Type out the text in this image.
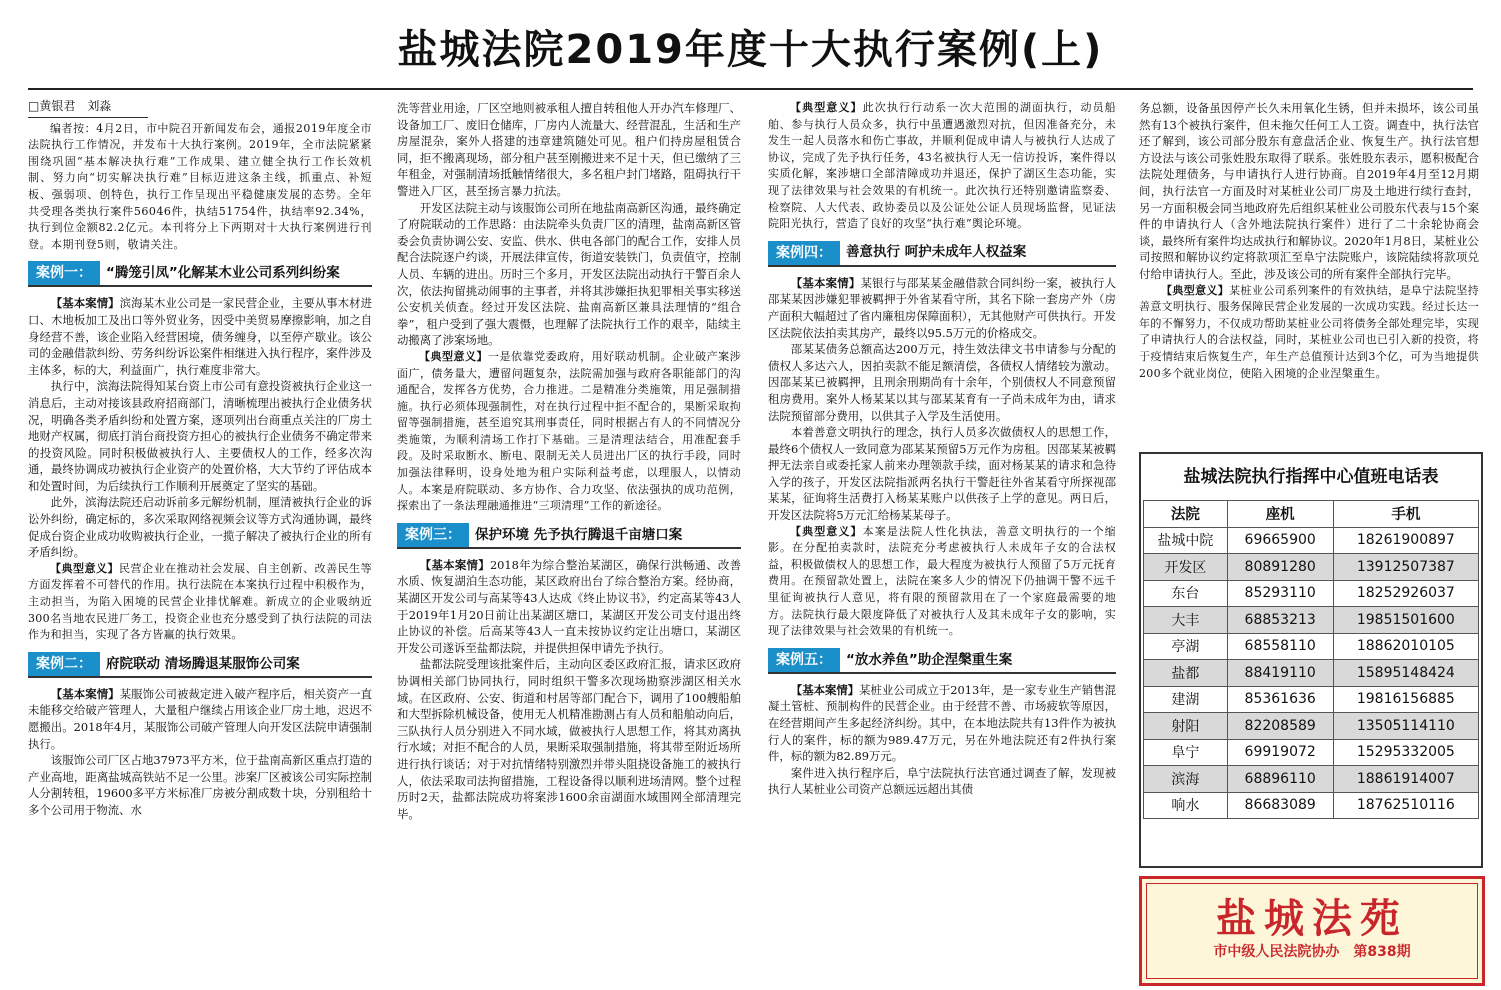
盐城法院2019年度十大执行案例(上)
□黄银君　刘淼

编者按：4月2日，市中院召开新闻发布会，通报2019年度全市法院执行工作情况，并发布十大执行案例。2019年，全市法院紧紧围绕巩固“基本解决执行难”工作成果、建立健全执行工作长效机制、努力向“切实解决执行难”目标迈进这条主线，抓重点、补短板、强弱项、创特色，执行工作呈现出平稳健康发展的态势。全年共受理各类执行案件56046件，执结51754件，执结率92.34%，执行到位金额82.2亿元。本刊将分上下两期对十大执行案例进行刊登。本期刊登5则，敬请关注。

案例一：	“腾笼引凤”化解某木业公司系列纠纷案

【基本案情】滨海某木业公司是一家民营企业，主要从事木材进口、木地板加工及出口等外贸业务，因受中美贸易摩擦影响，加之自身经营不善，该企业陷入经营困境，债务缠身，以至停产歇业。该公司的金融借款纠纷、劳务纠纷诉讼案件相继进入执行程序，案件涉及主体多，标的大，利益面广，执行难度非常大。

执行中，滨海法院得知某台资上市公司有意投资被执行企业这一消息后，主动对接该县政府招商部门，清晰梳理出被执行企业债务状况，明确各类矛盾纠纷和处置方案，逐项列出台商重点关注的厂房土地财产权属，彻底打消台商投资方担心的被执行企业债务不确定带来的投资风险。同时积极做被执行人、主要债权人的工作，经多次沟通，最终协调成功被执行企业资产的处置价格，大大节约了评估成本和处置时间，为后续执行工作顺利开展奠定了坚实的基础。

此外，滨海法院还启动诉前多元解纷机制，厘清被执行企业的诉讼外纠纷，确定标的，多次采取网络视频会议等方式沟通协调，最终促成台资企业成功收购被执行企业，一揽子解决了被执行企业的所有矛盾纠纷。

【典型意义】民营企业在推动社会发展、自主创新、改善民生等方面发挥着不可替代的作用。执行法院在本案执行过程中积极作为，主动担当，为陷入困境的民营企业排忧解难。新成立的企业吸纳近300名当地农民进厂务工，投资企业也充分感受到了执行法院的司法作为和担当，实现了各方皆赢的执行效果。

案例二：	府院联动 清场腾退某服饰公司案

【基本案情】某服饰公司被裁定进入破产程序后，相关资产一直未能移交给破产管理人，大量租户继续占用该企业厂房土地，迟迟不愿搬出。2018年4月，某服饰公司破产管理人向开发区法院申请强制执行。

该服饰公司厂区占地37973平方米，位于盐南高新区重点打造的产业高地，距离盐城高铁站不足一公里。涉案厂区被该公司实际控制人分割转租，19600多平方米标准厂房被分割成数十块，分别租给十多个公司用于物流、水

洗等营业用途，厂区空地则被承租人擅自转租他人开办汽车修理厂、设备加工厂、废旧仓储库，厂房内人流量大、经营混乱，生活和生产房屋混杂，案外人搭建的违章建筑随处可见。租户们持房屋租赁合同，拒不搬离现场，部分租户甚至刚搬进来不足十天，但已缴纳了三年租金，对强制清场抵触情绪很大，多名租户封门堵路，阻碍执行干警进入厂区，甚至扬言暴力抗法。

开发区法院主动与该服饰公司所在地盐南高新区沟通，最终确定了府院联动的工作思路：由法院牵头负责厂区的清理，盐南高新区管委会负责协调公安、安监、供水、供电各部门的配合工作，安排人员配合法院逐户约谈，开展法律宣传，街道安装铁门，负责值守，控制人员、车辆的进出。历时三个多月，开发区法院出动执行干警百余人次，依法拘留挑动闹事的主事者，并将其涉嫌拒执犯罪相关事实移送公安机关侦查。经过开发区法院、盐南高新区兼具法理情的“组合拳”，租户受到了强大震慑，也理解了法院执行工作的艰辛，陆续主动搬离了涉案场地。

【典型意义】一是依靠党委政府，用好联动机制。企业破产案涉面广，债务量大，遭留问题复杂，法院需加强与政府各职能部门的沟通配合，发挥各方优势，合力推进。二是精准分类施策，用足强制措施。执行必须体现强制性，对在执行过程中拒不配合的，果断采取拘留等强制措施，甚至追究其刑事责任，同时根据占有人的不同情况分类施策，为顺利清场工作打下基础。三是清理法结合，用准配套手段。及时采取断水、断电、限制无关人员进出厂区的执行手段，同时加强法律释明，设身处地为租户实际利益考虑，以理服人，以情动人。本案是府院联动、多方协作、合力攻坚、依法强执的成功范例，探索出了一条法理融通推进“三项清理”工作的新途径。

案例三：	保护环境 先予执行腾退千亩塘口案

【基本案情】2018年为综合整治某湖区，确保行洪畅通、改善水质、恢复湖泊生态功能，某区政府出台了综合整治方案。经协商，某湖区开发公司与高某等43人达成《终止协议书》，约定高某等43人于2019年1月20日前让出某湖区塘口，某湖区开发公司支付退出终止协议的补偿。后高某等43人一直未按协议约定让出塘口，某湖区开发公司遂诉至盐都法院，并提供担保申请先予执行。

盐都法院受理该批案件后，主动向区委区政府汇报，请求区政府协调相关部门协同执行，同时组织干警多次现场勘察涉湖区相关水域。在区政府、公安、街道和村居等部门配合下，调用了100艘船舶和大型拆除机械设备，使用无人机精准勘测占有人员和船舶动向后，三队执行人员分别进入不同水域，做被执行人思想工作，将其劝离执行水域；对拒不配合的人员，果断采取强制措施，将其带至附近场所进行执行谈话；对于对抗情绪特别激烈并带头阻挠设备施工的被执行人，依法采取司法拘留措施，工程设备得以顺利进场清网。整个过程历时2天，盐都法院成功将案涉1600余亩湖面水域围网全部清理完毕。

【典型意义】此次执行行动系一次大范围的湖面执行，动员船舶、参与执行人员众多，执行中虽遭遇激烈对抗，但因准备充分，未发生一起人员落水和伤亡事故，并顺利促成申请人与被执行人达成了协议，完成了先予执行任务，43名被执行人无一信访投诉，案件得以实质化解，案涉塘口全部清障成功并退还，保护了湖区生态功能，实现了法律效果与社会效果的有机统一。此次执行还特别邀请监察委、检察院、人大代表、政协委员以及公证处公证人员现场监督，见证法院阳光执行，营造了良好的攻坚“执行难”舆论环境。

案例四：	善意执行 呵护未成年人权益案

【基本案情】某银行与邵某某金融借款合同纠纷一案，被执行人邵某某因涉嫌犯罪被羁押于外省某看守所，其名下除一套房产外（房产面积大幅超过了省内廉租房保障面积），无其他财产可供执行。开发区法院依法拍卖其房产，最终以95.5万元的价格成交。

邵某某债务总额高达200万元，持生效法律文书申请参与分配的债权人多达六人，因拍卖款不能足额清偿，各债权人情绪较为激动。因邵某某已被羁押，且刑余刑期尚有十余年，个别债权人不同意预留租房费用。案外人杨某某以其与邵某某育有一子尚未成年为由，请求法院预留部分费用，以供其子入学及生活使用。

本着善意文明执行的理念，执行人员多次做债权人的思想工作，最终6个债权人一致同意为邵某某预留5万元作为房租。因邵某某被羁押无法亲自或委托家人前来办理领款手续，面对杨某某的请求和急待入学的孩子，开发区法院指派两名执行干警赶往外省某看守所探视邵某某，征询将生活费打入杨某某账户以供孩子上学的意见。两日后，开发区法院将5万元汇给杨某某母子。

【典型意义】本案是法院人性化执法，善意文明执行的一个缩影。在分配拍卖款时，法院充分考虑被执行人未成年子女的合法权益，积极做债权人的思想工作，最大程度为被执行人预留了5万元抚育费用。在预留款处置上，法院在案多人少的情况下仍抽调干警不远千里征询被执行人意见，将有限的预留款用在了一个家庭最需要的地方。法院执行最大限度降低了对被执行人及其未成年子女的影响，实现了法律效果与社会效果的有机统一。

案例五：	“放水养鱼”助企涅槃重生案

【基本案情】某桩业公司成立于2013年，是一家专业生产销售混凝土管桩、预制构件的民营企业。由于经营不善、市场疲软等原因，在经营期间产生多起经济纠纷。其中，在本地法院共有13件作为被执行人的案件，标的额为989.47万元，另在外地法院还有2件执行案件，标的额为82.89万元。

案件进入执行程序后，阜宁法院执行法官通过调查了解，发现被执行人某桩业公司资产总额远远超出其债

务总额，设备虽因停产长久未用氧化生锈，但并未损坏，该公司虽然有13个被执行案件，但未拖欠任何工人工资。调查中，执行法官还了解到，该公司部分股东有意盘活企业、恢复生产。执行法官想方设法与该公司张姓股东取得了联系。张姓股东表示，愿积极配合法院处理债务，与申请执行人进行协商。自2019年4月至12月期间，执行法官一方面及时对某桩业公司厂房及土地进行续行查封，另一方面积极会同当地政府先后组织某桩业公司股东代表与15个案件的申请执行人（含外地法院执行案件）进行了二十余轮协商会谈，最终所有案件均达成执行和解协议。2020年1月8日，某桩业公司按照和解协议约定将款项汇至阜宁法院账户，该院陆续将款项兑付给申请执行人。至此，涉及该公司的所有案件全部执行完毕。

【典型意义】某桩业公司系列案件的有效执结，是阜宁法院坚持善意文明执行、服务保障民营企业发展的一次成功实践。经过长达一年的不懈努力，不仅成功帮助某桩业公司将债务全部处理完毕，实现了申请执行人的合法权益，同时，某桩业公司也已引入新的投资，将于疫情结束后恢复生产，年生产总值预计达到3个亿，可为当地提供200多个就业岗位，使陷入困境的企业涅槃重生。

盐城法院执行指挥中心值班电话表
法院	座机	手机
盐城中院	69665900	18261900897
开发区	80891280	13912507387
东台	85293110	18252926037
大丰	68853213	19851501600
亭湖	68558110	18862010105
盐都	88419110	15895148424
建湖	85361636	19816156885
射阳	82208589	13505114110
阜宁	69919072	15295332005
滨海	68896110	18861914007
响水	86683089	18762510116
盐城法苑
市中级人民法院协办　第838期
